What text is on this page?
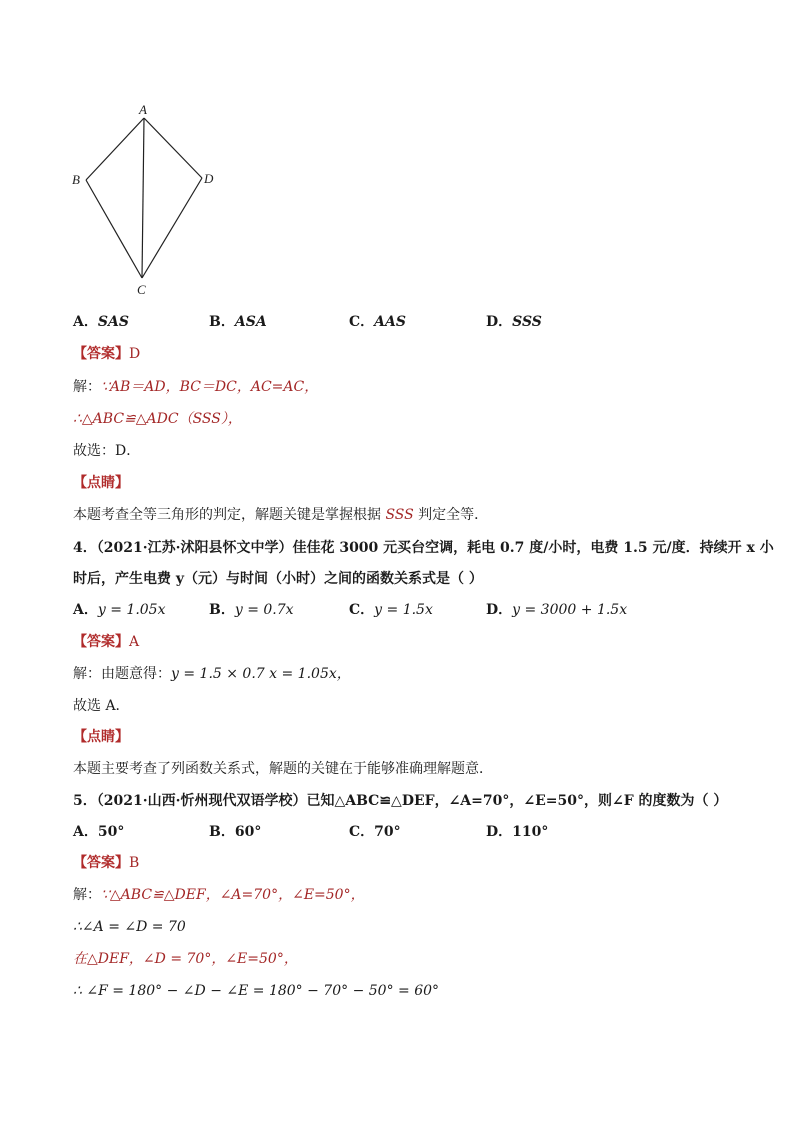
A
B	D
C
A．SAS	B．ASA	C．AAS	D．SSS
【答案】D
解：∵AB＝AD，BC＝DC，AC=AC，
∴△ABC≌△ADC（SSS），
故选：D．
【点睛】
本题考查全等三角形的判定，解题关键是掌握根据 SSS 判定全等．
4．（2021·江苏·沭阳县怀文中学）佳佳花 3000 元买台空调，耗电 0.7 度/小时，电费 1.5 元/度．持续开 x 小
时后，产生电费 y（元）与时间（小时）之间的函数关系式是（ ）
A．y = 1.05x	B．y = 0.7x	C．y = 1.5x	D．y = 3000 + 1.5x
【答案】A
解：由题意得：y = 1.5 × 0.7 x = 1.05x，
故选 A．
【点睛】
本题主要考查了列函数关系式，解题的关键在于能够准确理解题意．
5．（2021·山西·忻州现代双语学校）已知△ABC≌△DEF，∠A=70°，∠E=50°，则∠F 的度数为（ ）
A．50°	B．60°	C．70°	D．110°
【答案】B
解：∵△ABC≌△DEF，∠A=70°，∠E=50°，
∴∠A = ∠D = 70
在△DEF，∠D = 70°，∠E=50°，
∴ ∠F = 180° − ∠D − ∠E = 180° − 70° − 50° = 60°
